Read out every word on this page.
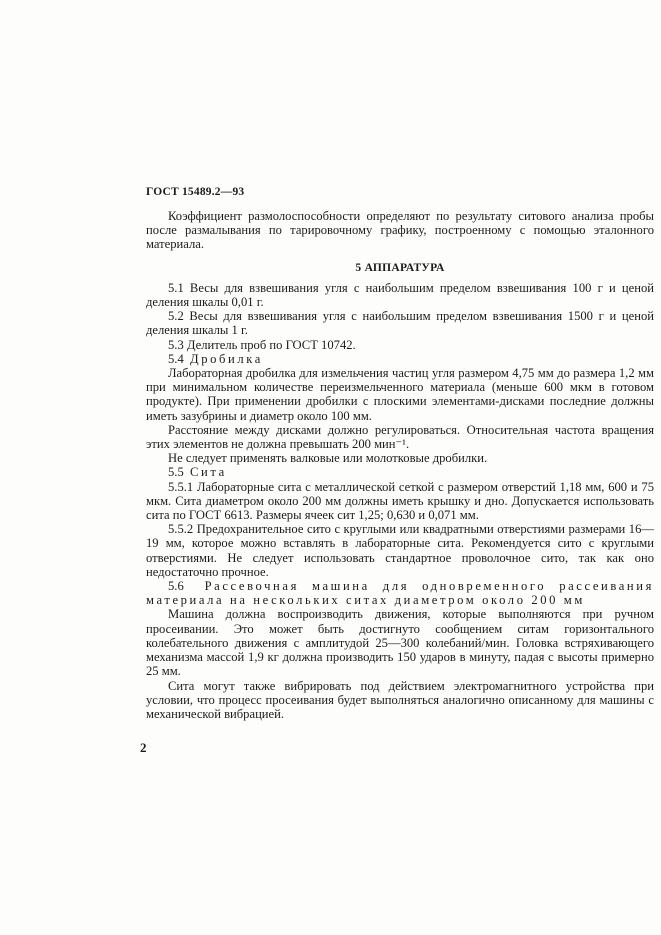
ГОСТ 15489.2—93

Коэффициент размолоспособности определяют по результату ситового анализа пробы после размалывания по тарировочному графику, построенному с помощью эталонного материала.

5 АППАРАТУРА

5.1 Весы для взвешивания угля с наибольшим пределом взвешивания 100 г и ценой деления шкалы 0,01 г.

5.2 Весы для взвешивания угля с наибольшим пределом взвешивания 1500 г и ценой деления шкалы 1 г.

5.3 Делитель проб по ГОСТ 10742.

5.4 Дробилка

Лабораторная дробилка для измельчения частиц угля размером 4,75 мм до размера 1,2 мм при минимальном количестве переизмельченного материала (меньше 600 мкм в готовом продукте). При применении дробилки с плоскими элементами-дисками последние должны иметь зазубрины и диаметр около 100 мм.

Расстояние между дисками должно регулироваться. Относительная частота вращения этих элементов не должна превышать 200 мин⁻¹.

Не следует применять валковые или молотковые дробилки.

5.5 Сита

5.5.1 Лабораторные сита с металлической сеткой с размером отверстий 1,18 мм, 600 и 75 мкм. Сита диаметром около 200 мм должны иметь крышку и дно. Допускается использовать сита по ГОСТ 6613. Размеры ячеек сит 1,25; 0,630 и 0,071 мм.

5.5.2 Предохранительное сито с круглыми или квадратными отверстиями размерами 16—19 мм, которое можно вставлять в лабораторные сита. Рекомендуется сито с круглыми отверстиями. Не следует использовать стандартное проволочное сито, так как оно недостаточно прочное.

5.6 Рассевочная машина для одновременного рассеивания материала на нескольких ситах диаметром около 200 мм

Машина должна воспроизводить движения, которые выполняются при ручном просеивании. Это может быть достигнуто сообщением ситам горизонтального колебательного движения с амплитудой 25—300 колебаний/мин. Головка встряхивающего механизма массой 1,9 кг должна производить 150 ударов в минуту, падая с высоты примерно 25 мм.

Сита могут также вибрировать под действием электромагнитного устройства при условии, что процесс просеивания будет выполняться аналогично описанному для машины с механической вибрацией.

2
